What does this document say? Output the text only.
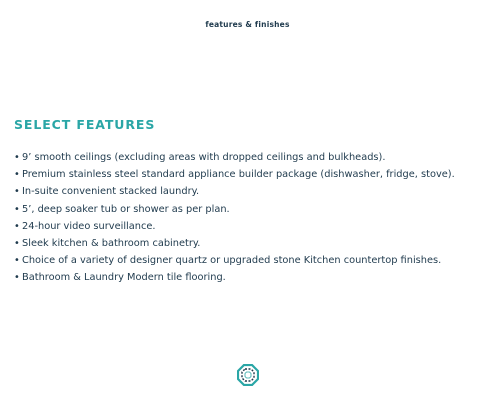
features & finishes
SELECT FEATURES
• 9’ smooth ceilings (excluding areas with dropped ceilings and bulkheads).
• Premium stainless steel standard appliance builder package (dishwasher, fridge, stove).
• In-suite convenient stacked laundry.
• 5’, deep soaker tub or shower as per plan.
• 24-hour video surveillance.
• Sleek kitchen & bathroom cabinetry.
• Choice of a variety of designer quartz or upgraded stone Kitchen countertop finishes.
• Bathroom & Laundry Modern tile flooring.
